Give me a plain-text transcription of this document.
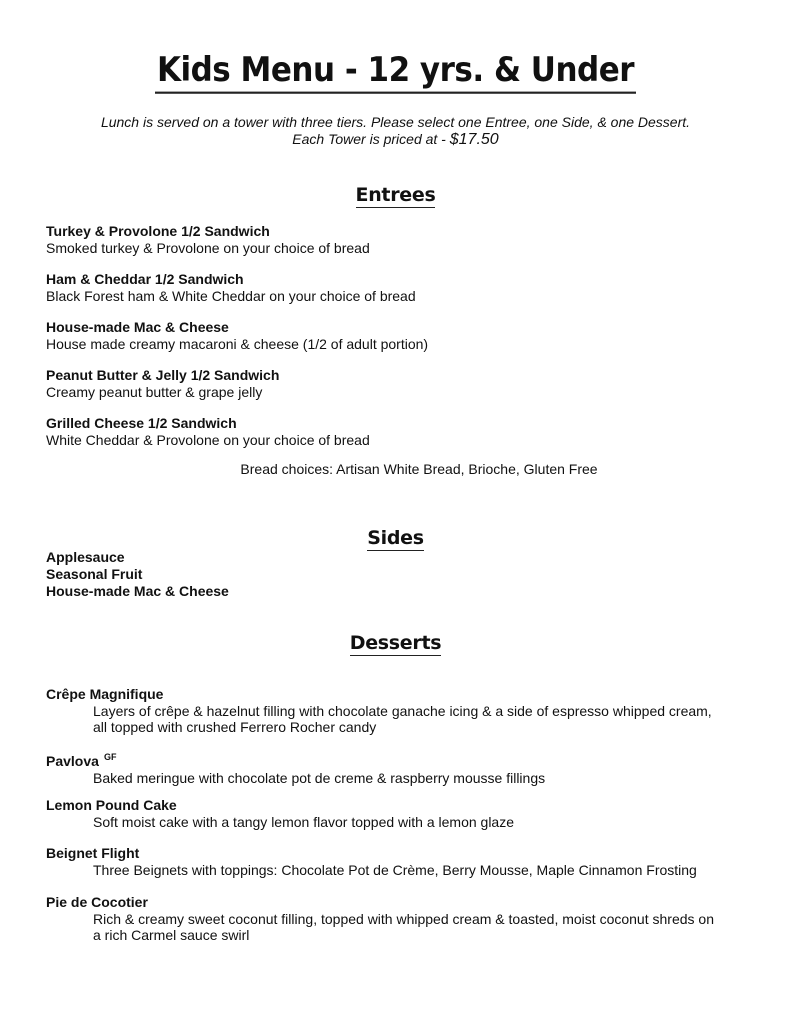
Kids Menu - 12 yrs. & Under
Lunch is served on a tower with three tiers. Please select one Entree, one Side, & one Dessert.
Each Tower is priced at - $17.50
Entrees
Turkey & Provolone 1/2 Sandwich
Smoked turkey & Provolone on your choice of bread
Ham & Cheddar 1/2 Sandwich
Black Forest ham & White Cheddar on your choice of bread
House-made Mac & Cheese
House made creamy macaroni & cheese (1/2 of adult portion)
Peanut Butter & Jelly 1/2 Sandwich
Creamy peanut butter & grape jelly
Grilled Cheese 1/2 Sandwich
White Cheddar & Provolone on your choice of bread
Bread choices: Artisan White Bread, Brioche, Gluten Free
Sides
Applesauce
Seasonal Fruit
House-made Mac & Cheese
Desserts
Crêpe Magnifique
Layers of crêpe & hazelnut filling with chocolate ganache icing & a side of espresso whipped cream,
all topped with crushed Ferrero Rocher candy
Pavlova $^{GF}$
Baked meringue with chocolate pot de creme & raspberry mousse fillings
Lemon Pound Cake
Soft moist cake with a tangy lemon flavor topped with a lemon glaze
Beignet Flight
Three Beignets with toppings: Chocolate Pot de Crème, Berry Mousse, Maple Cinnamon Frosting
Pie de Cocotier
Rich & creamy sweet coconut filling, topped with whipped cream & toasted, moist coconut shreds on
a rich Carmel sauce swirl
